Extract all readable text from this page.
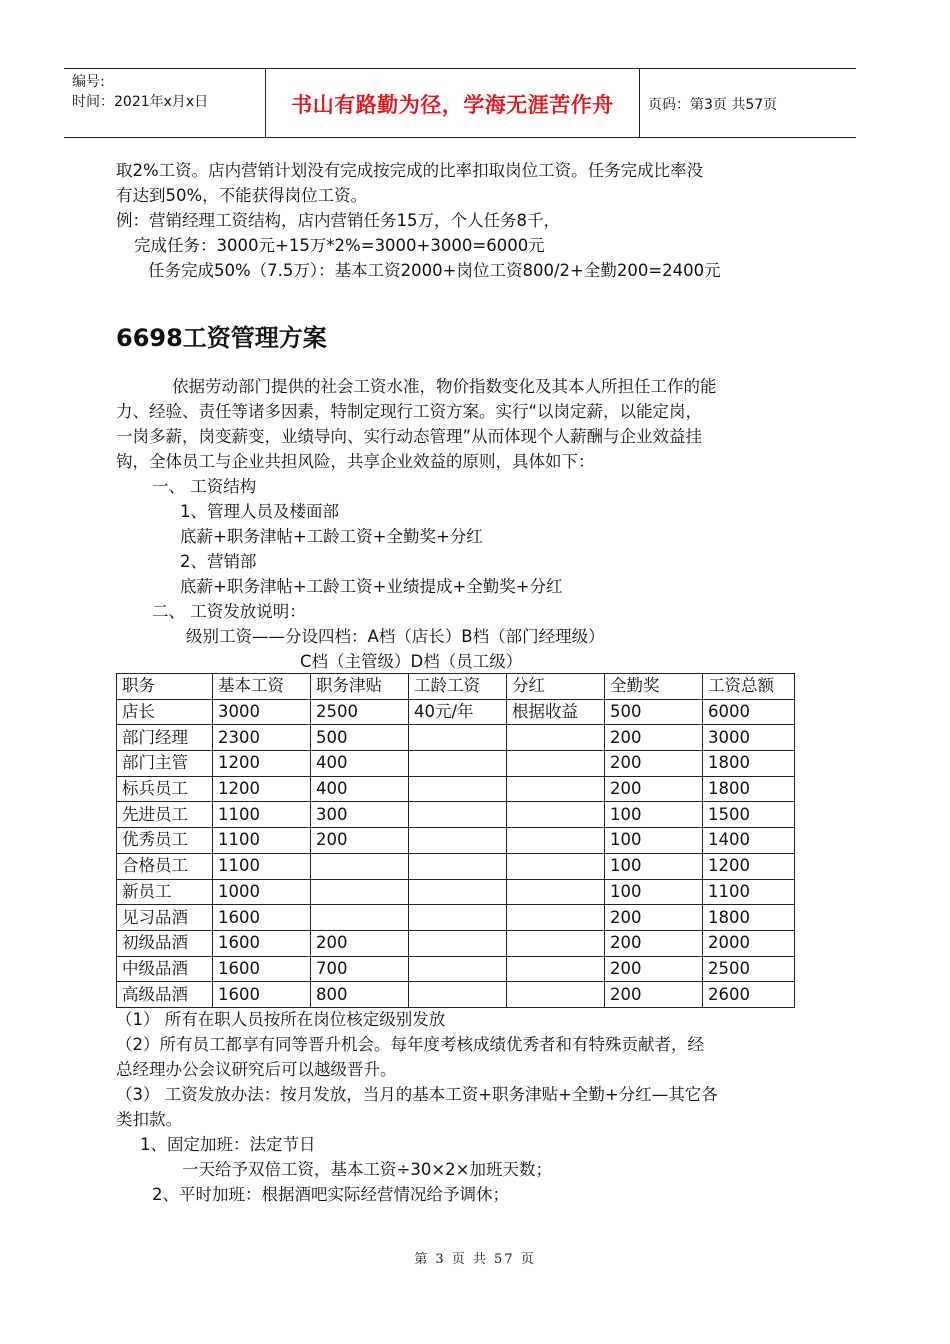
编号:
时间：2021年x月x日	书山有路勤为径，学海无涯苦作舟	页码：第3页 共57页
取2%工资。店内营销计划没有完成按完成的比率扣取岗位工资。任务完成比率没
有达到50%，不能获得岗位工资。
例：营销经理工资结构，店内营销任务15万，个人任务8千，
完成任务：3000元+15万*2%=3000+3000=6000元
任务完成50%（7.5万）：基本工资2000+岗位工资800/2+全勤200=2400元
6698工资管理方案
依据劳动部门提供的社会工资水准，物价指数变化及其本人所担任工作的能
力、经验、责任等诸多因素，特制定现行工资方案。实行“以岗定薪，以能定岗，
一岗多薪，岗变薪变，业绩导向、实行动态管理”从而体现个人薪酬与企业效益挂
钩，全体员工与企业共担风险，共享企业效益的原则，具体如下：
一、 工资结构
1、管理人员及楼面部
底薪+职务津帖+工龄工资+全勤奖+分红
2、营销部
底薪+职务津帖+工龄工资+业绩提成+全勤奖+分红
二、 工资发放说明：
级别工资——分设四档：A档（店长）B档（部门经理级）
C档（主管级）D档（员工级）
职务	基本工资	职务津贴	工龄工资	分红	全勤奖	工资总额
店长	3000	2500	40元/年	根据收益	500	6000
部门经理	2300	500			200	3000
部门主管	1200	400			200	1800
标兵员工	1200	400			200	1800
先进员工	1100	300			100	1500
优秀员工	1100	200			100	1400
合格员工	1100				100	1200
新员工	1000				100	1100
见习品酒	1600				200	1800
初级品酒	1600	200			200	2000
中级品酒	1600	700			200	2500
高级品酒	1600	800			200	2600
（1） 所有在职人员按所在岗位核定级别发放
（2）所有员工都享有同等晋升机会。每年度考核成绩优秀者和有特殊贡献者，经
总经理办公会议研究后可以越级晋升。
（3） 工资发放办法：按月发放，当月的基本工资+职务津贴+全勤+分红—其它各
类扣款。
1、固定加班：法定节日
一天给予双倍工资，基本工资÷30×2×加班天数；
2、平时加班：根据酒吧实际经营情况给予调休；
第 3 页 共 57 页
